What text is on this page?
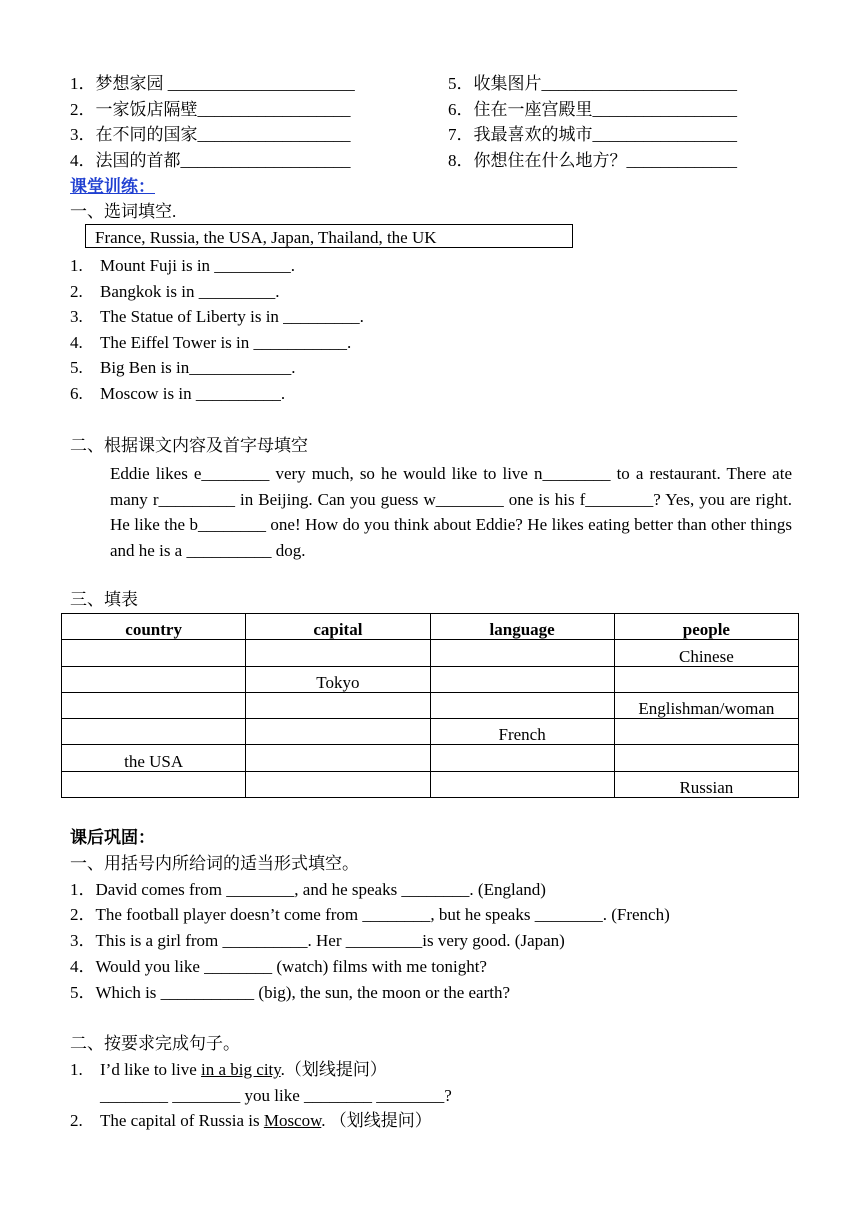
1．梦想家园 ______________________
2．一家饭店隔壁__________________
3．在不同的国家__________________
4．法国的首都____________________
5．收集图片_______________________
6．住在一座宫殿里_________________
7．我最喜欢的城市_________________
8．你想住在什么地方？_____________
课堂训练：
一、选词填空.
France, Russia, the USA, Japan, Thailand, the UK
1. Mount Fuji is in _________.
2. Bangkok is in _________.
3. The Statue of Liberty is in _________.
4. The Eiffel Tower is in ___________.
5. Big Ben is in____________.
6. Moscow is in __________.
二、根据课文内容及首字母填空
Eddie likes e________ very much, so he would like to live n________ to a restaurant. There ate many r_________ in Beijing. Can you guess w________ one is his f________? Yes, you are right. He like the b________ one! How do you think about Eddie? He likes eating better than other things and he is a __________ dog.
三、填表
country	capital	language	people
			Chinese
	Tokyo		
			Englishman/woman
		French	
the USA			
			Russian
课后巩固：
一、用括号内所给词的适当形式填空。
1．David comes from ________, and he speaks ________. (England)
2．The football player doesn’t come from ________, but he speaks ________. (French)
3．This is a girl from __________. Her _________is very good. (Japan)
4．Would you like ________ (watch) films with me tonight?
5．Which is ___________ (big), the sun, the moon or the earth?
二、按要求完成句子。
1. I’d like to live in a big city.（划线提问）
________ ________ you like ________ ________?
2. The capital of Russia is Moscow. （划线提问）
